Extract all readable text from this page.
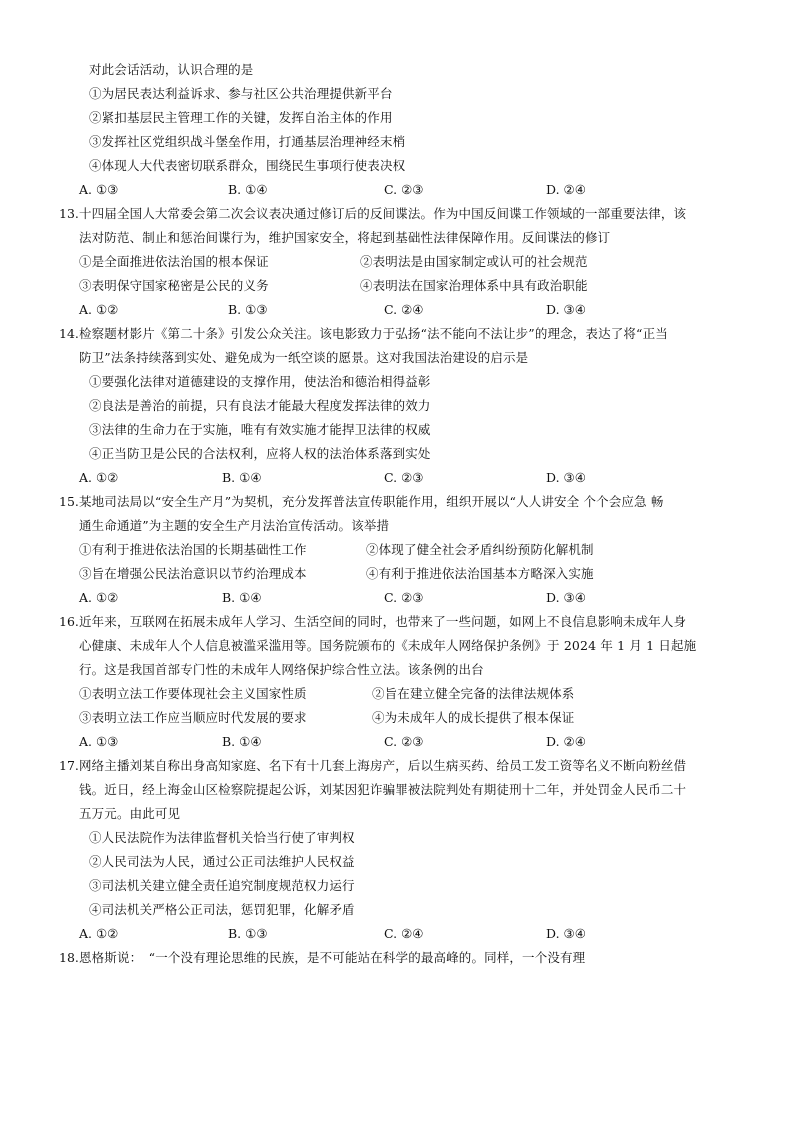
对此会话活动，认识合理的是
①为居民表达利益诉求、参与社区公共治理提供新平台
②紧扣基层民主管理工作的关键，发挥自治主体的作用
③发挥社区党组织战斗堡垒作用，打通基层治理神经末梢
④体现人大代表密切联系群众，围绕民生事项行使表决权
A. ①③	B. ①④	C. ②③	D. ②④
13. 十四届全国人大常委会第二次会议表决通过修订后的反间谍法。作为中国反间谍工作领域的一部重要法律，该
法对防范、制止和惩治间谍行为，维护国家安全，将起到基础性法律保障作用。反间谍法的修订
①是全面推进依法治国的根本保证	②表明法是由国家制定或认可的社会规范
③表明保守国家秘密是公民的义务	④表明法在国家治理体系中具有政治职能
A. ①②	B. ①③	C. ②④	D. ③④
14. 检察题材影片《第二十条》引发公众关注。该电影致力于弘扬“法不能向不法让步”的理念，表达了将“正当
防卫”法条持续落到实处、避免成为一纸空谈的愿景。这对我国法治建设的启示是
①要强化法律对道德建设的支撑作用，使法治和德治相得益彰
②良法是善治的前提，只有良法才能最大程度发挥法律的效力
③法律的生命力在于实施，唯有有效实施才能捍卫法律的权威
④正当防卫是公民的合法权利，应将人权的法治体系落到实处
A. ①②	B. ①④	C. ②③	D. ③④
15. 某地司法局以“安全生产月”为契机，充分发挥普法宣传职能作用，组织开展以“人人讲安全 个个会应急 畅
通生命通道”为主题的安全生产月法治宣传活动。该举措
①有利于推进依法治国的长期基础性工作	②体现了健全社会矛盾纠纷预防化解机制
③旨在增强公民法治意识以节约治理成本	④有利于推进依法治国基本方略深入实施
A. ①②	B. ①④	C. ②③	D. ③④
16. 近年来，互联网在拓展未成年人学习、生活空间的同时，也带来了一些问题，如网上不良信息影响未成年人身
心健康、未成年人个人信息被滥采滥用等。国务院颁布的《未成年人网络保护条例》于 2024 年 1 月 1 日起施
行。这是我国首部专门性的未成年人网络保护综合性立法。该条例的出台
①表明立法工作要体现社会主义国家性质	②旨在建立健全完备的法律法规体系
③表明立法工作应当顺应时代发展的要求	④为未成年人的成长提供了根本保证
A. ①③	B. ①④	C. ②③	D. ②④
17. 网络主播刘某自称出身高知家庭、名下有十几套上海房产，后以生病买药、给员工发工资等名义不断向粉丝借
钱。近日，经上海金山区检察院提起公诉，刘某因犯诈骗罪被法院判处有期徒刑十二年，并处罚金人民币二十
五万元。由此可见
①人民法院作为法律监督机关恰当行使了审判权
②人民司法为人民，通过公正司法维护人民权益
③司法机关建立健全责任追究制度规范权力运行
④司法机关严格公正司法，惩罚犯罪，化解矛盾
A. ①②	B. ①③	C. ②④	D. ③④
18. 恩格斯说：　“一个没有理论思维的民族，是不可能站在科学的最高峰的。同样，一个没有理
